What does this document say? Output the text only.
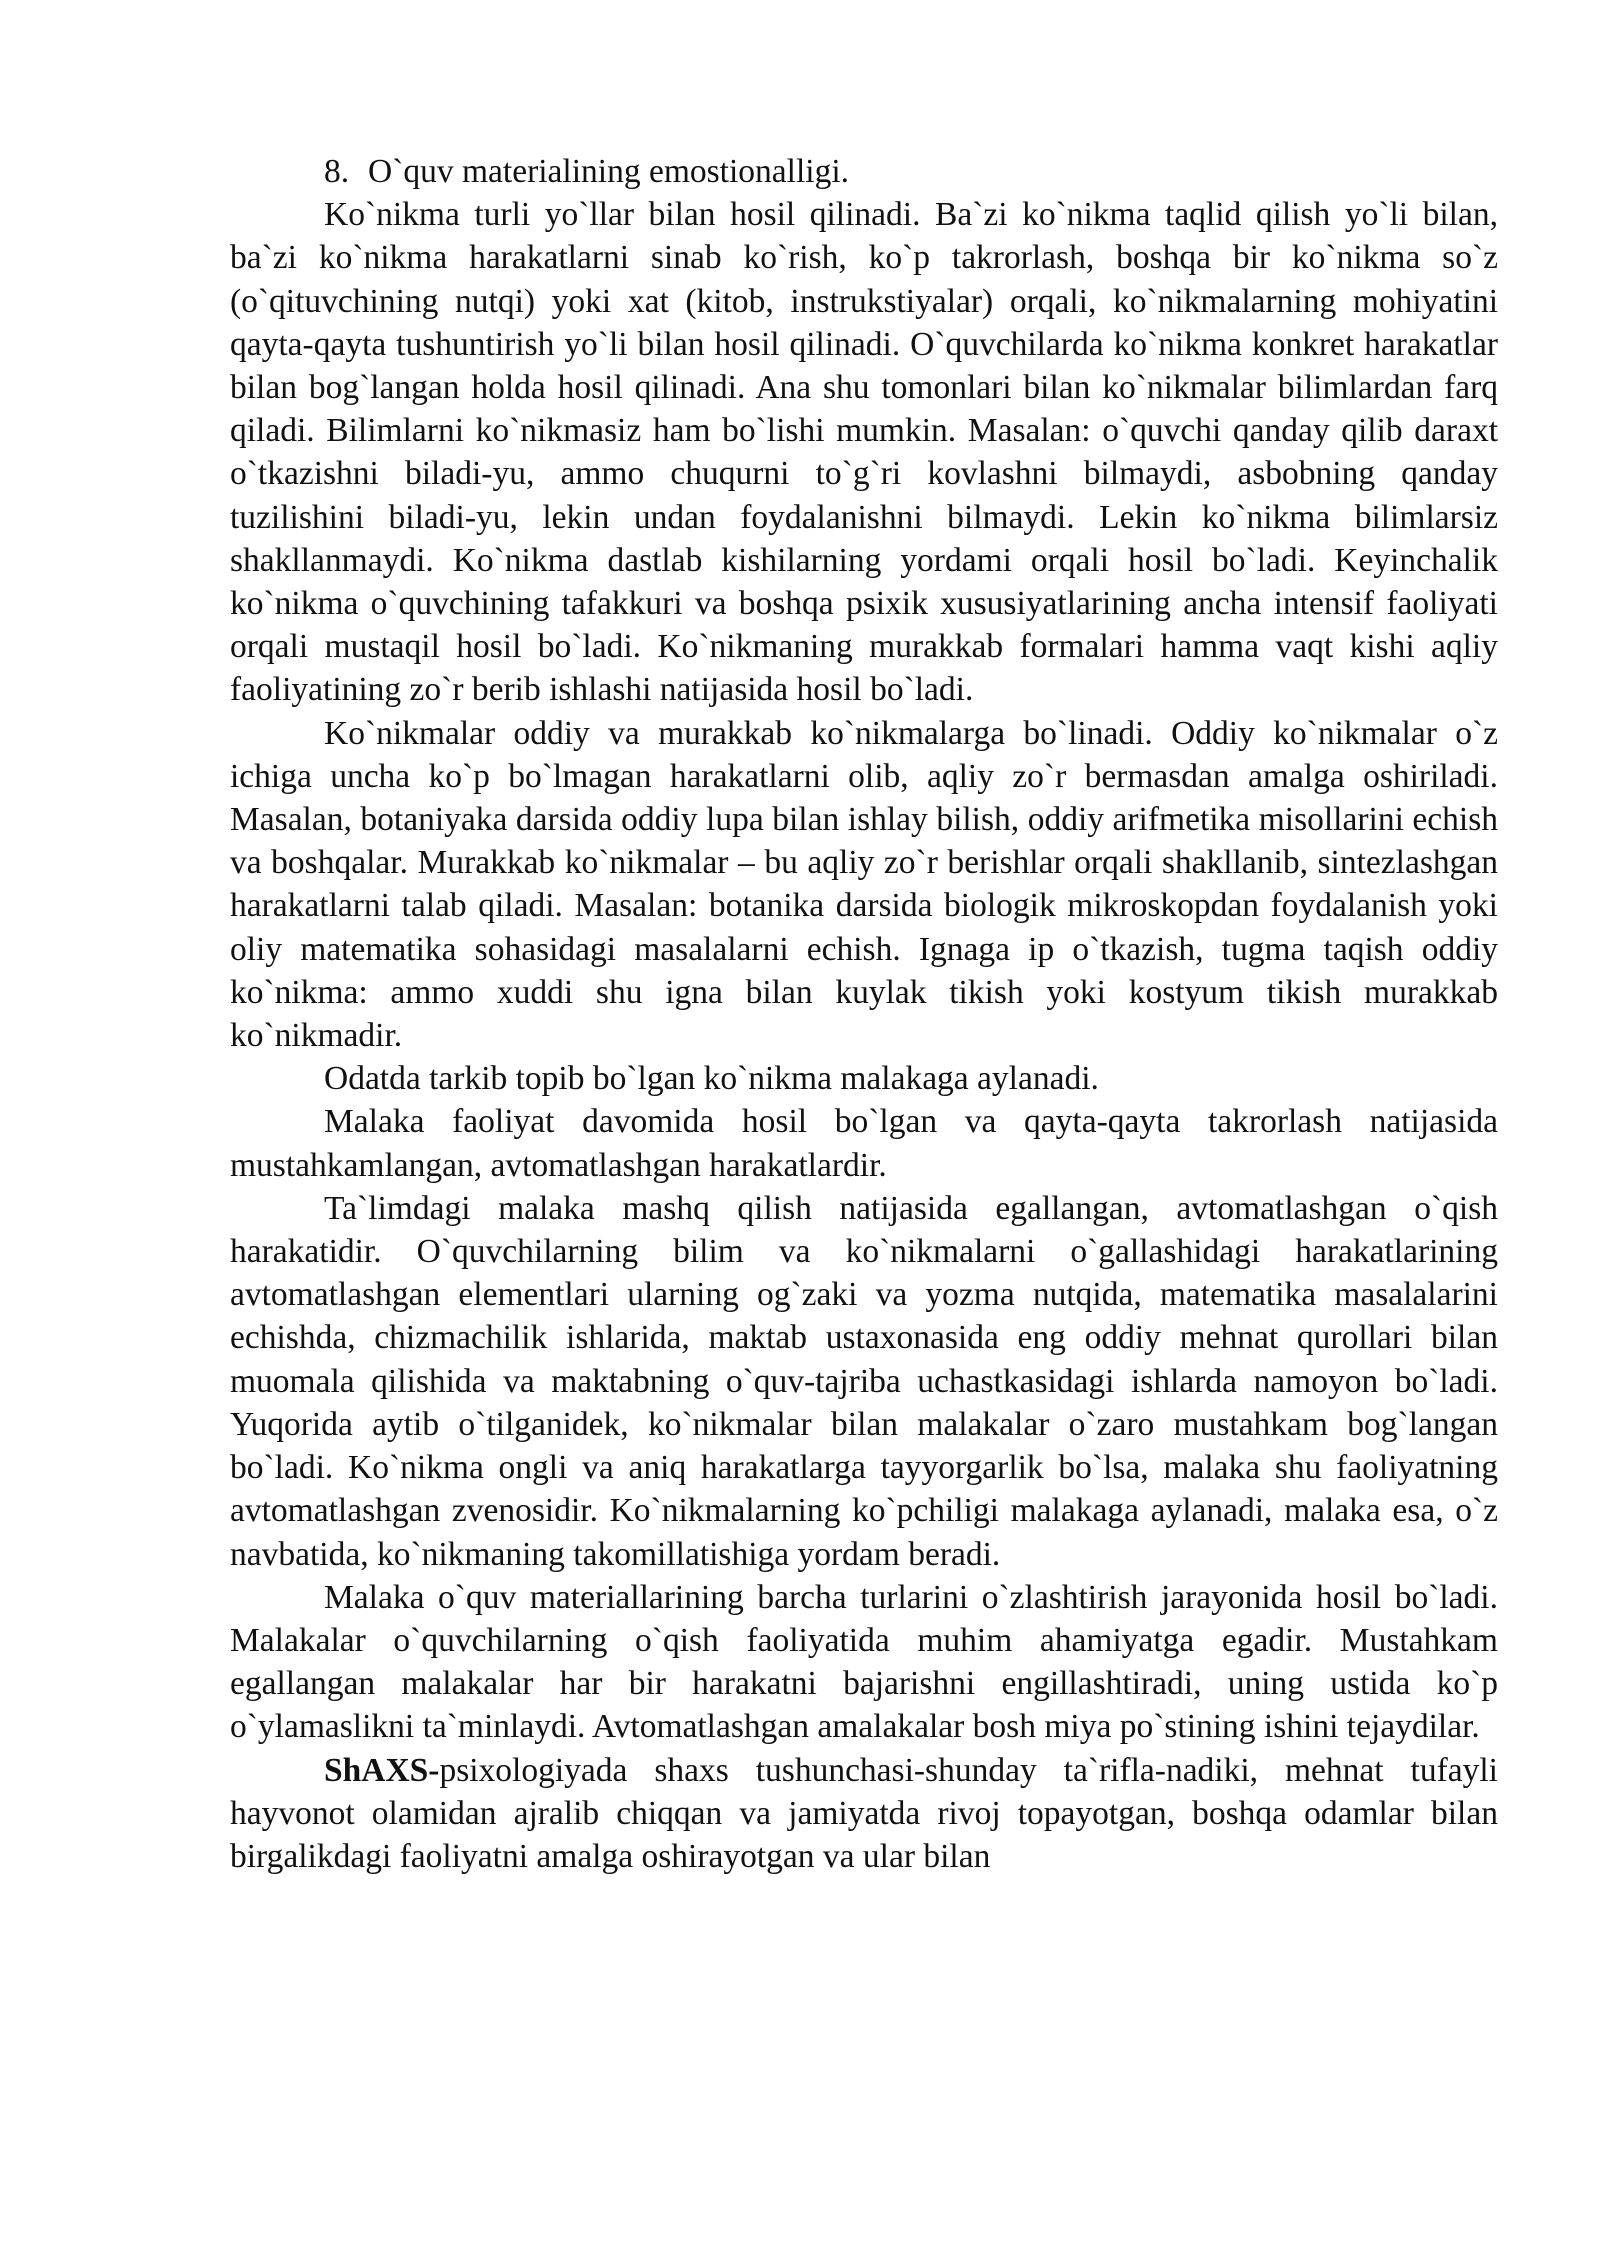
8. O`quv materialining emostionalligi.

Ko`nikma turli yo`llar bilan hosil qilinadi. Ba`zi ko`nikma taqlid qilish yo`li bilan, ba`zi ko`nikma harakatlarni sinab ko`rish, ko`p takrorlash, boshqa bir ko`nikma so`z (o`qituvchining nutqi) yoki xat (kitob, instrukstiyalar) orqali, ko`nikmalarning mohiyatini qayta-qayta tushuntirish yo`li bilan hosil qilinadi. O`quvchilarda ko`nikma konkret harakatlar bilan bog`langan holda hosil qilinadi. Ana shu tomonlari bilan ko`nikmalar bilimlardan farq qiladi. Bilimlarni ko`nikmasiz ham bo`lishi mumkin. Masalan: o`quvchi qanday qilib daraxt o`tkazishni biladi-yu, ammo chuqurni to`g`ri kovlashni bilmaydi, asbobning qanday tuzilishini biladi-yu, lekin undan foydalanishni bilmaydi. Lekin ko`nikma bilimlarsiz shakllanmaydi. Ko`nikma dastlab kishilarning yordami orqali hosil bo`ladi. Keyinchalik ko`nikma o`quvchining tafakkuri va boshqa psixik xususiyatlarining ancha intensif faoliyati orqali mustaqil hosil bo`ladi. Ko`nikmaning murakkab formalari hamma vaqt kishi aqliy faoliyatining zo`r berib ishlashi natijasida hosil bo`ladi.

Ko`nikmalar oddiy va murakkab ko`nikmalarga bo`linadi. Oddiy ko`nikmalar o`z ichiga uncha ko`p bo`lmagan harakatlarni olib, aqliy zo`r bermasdan amalga oshiriladi. Masalan, botaniyaka darsida oddiy lupa bilan ishlay bilish, oddiy arifmetika misollarini echish va boshqalar. Murakkab ko`nikmalar – bu aqliy zo`r berishlar orqali shakllanib, sintezlashgan harakatlarni talab qiladi. Masalan: botanika darsida biologik mikroskopdan foydalanish yoki oliy matematika sohasidagi masalalarni echish. Ignaga ip o`tkazish, tugma taqish oddiy ko`nikma: ammo xuddi shu igna bilan kuylak tikish yoki kostyum tikish murakkab ko`nikmadir.

Odatda tarkib topib bo`lgan ko`nikma malakaga aylanadi.

Malaka faoliyat davomida hosil bo`lgan va qayta-qayta takrorlash natijasida mustahkamlangan, avtomatlashgan harakatlardir.

Ta`limdagi malaka mashq qilish natijasida egallangan, avtomatlashgan o`qish harakatidir. O`quvchilarning bilim va ko`nikmalarni o`gallashidagi harakatlarining avtomatlashgan elementlari ularning og`zaki va yozma nutqida, matematika masalalarini echishda, chizmachilik ishlarida, maktab ustaxonasida eng oddiy mehnat qurollari bilan muomala qilishida va maktabning o`quv-tajriba uchastkasidagi ishlarda namoyon bo`ladi. Yuqorida aytib o`tilganidek, ko`nikmalar bilan malakalar o`zaro mustahkam bog`langan bo`ladi. Ko`nikma ongli va aniq harakatlarga tayyorgarlik bo`lsa, malaka shu faoliyatning avtomatlashgan zvenosidir. Ko`nikmalarning ko`pchiligi malakaga aylanadi, malaka esa, o`z navbatida, ko`nikmaning takomillatishiga yordam beradi.

Malaka o`quv materiallarining barcha turlarini o`zlashtirish jarayonida hosil bo`ladi. Malakalar o`quvchilarning o`qish faoliyatida muhim ahamiyatga egadir. Mustahkam egallangan malakalar har bir harakatni bajarishni engillashtiradi, uning ustida ko`p o`ylamaslikni ta`minlaydi. Avtomatlashgan amalakalar bosh miya po`stining ishini tejaydilar.

ShAXS-psixologiyada shaxs tushunchasi-shunday ta`rifla-nadiki, mehnat tufayli hayvonot olamidan ajralib chiqqan va jamiyatda rivoj topayotgan, boshqa odamlar bilan birgalikdagi faoliyatni amalga oshirayotgan va ular bilan
